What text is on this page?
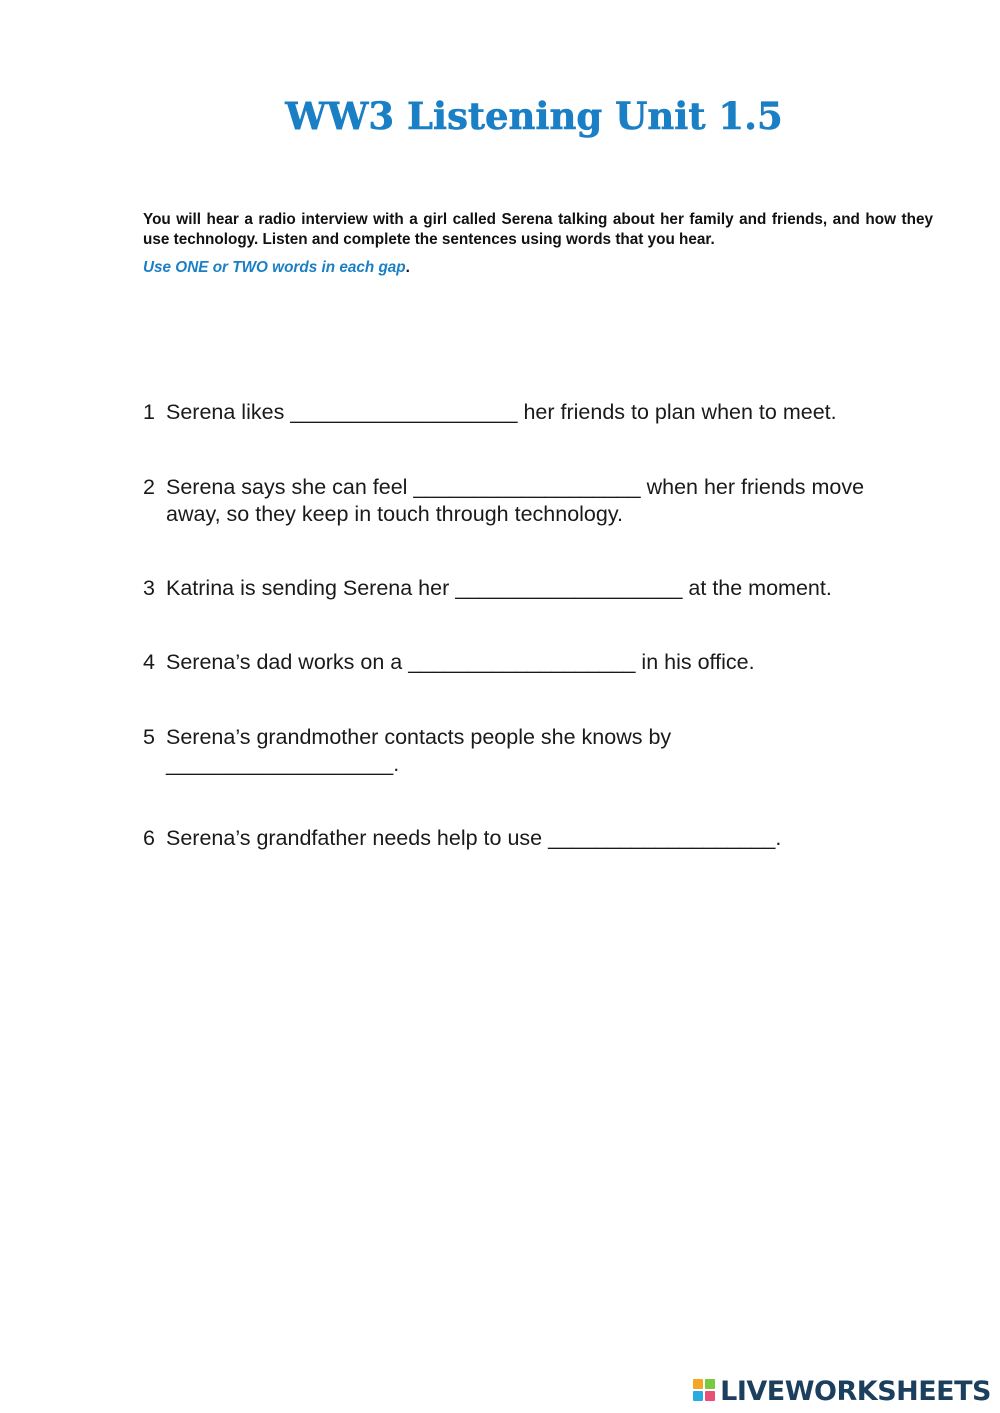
WW3 Listening Unit 1.5
You will hear a radio interview with a girl called Serena talking about her family and friends, and how they use technology. Listen and complete the sentences using words that you hear.
Use ONE or TWO words in each gap.
1 Serena likes ___________________ her friends to plan when to meet.
2 Serena says she can feel ___________________ when her friends move away, so they keep in touch through technology.
3 Katrina is sending Serena her ___________________ at the moment.
4 Serena’s dad works on a ___________________ in his office.
5 Serena’s grandmother contacts people she knows by ___________________.
6 Serena’s grandfather needs help to use ___________________.
LIVEWORKSHEETS
